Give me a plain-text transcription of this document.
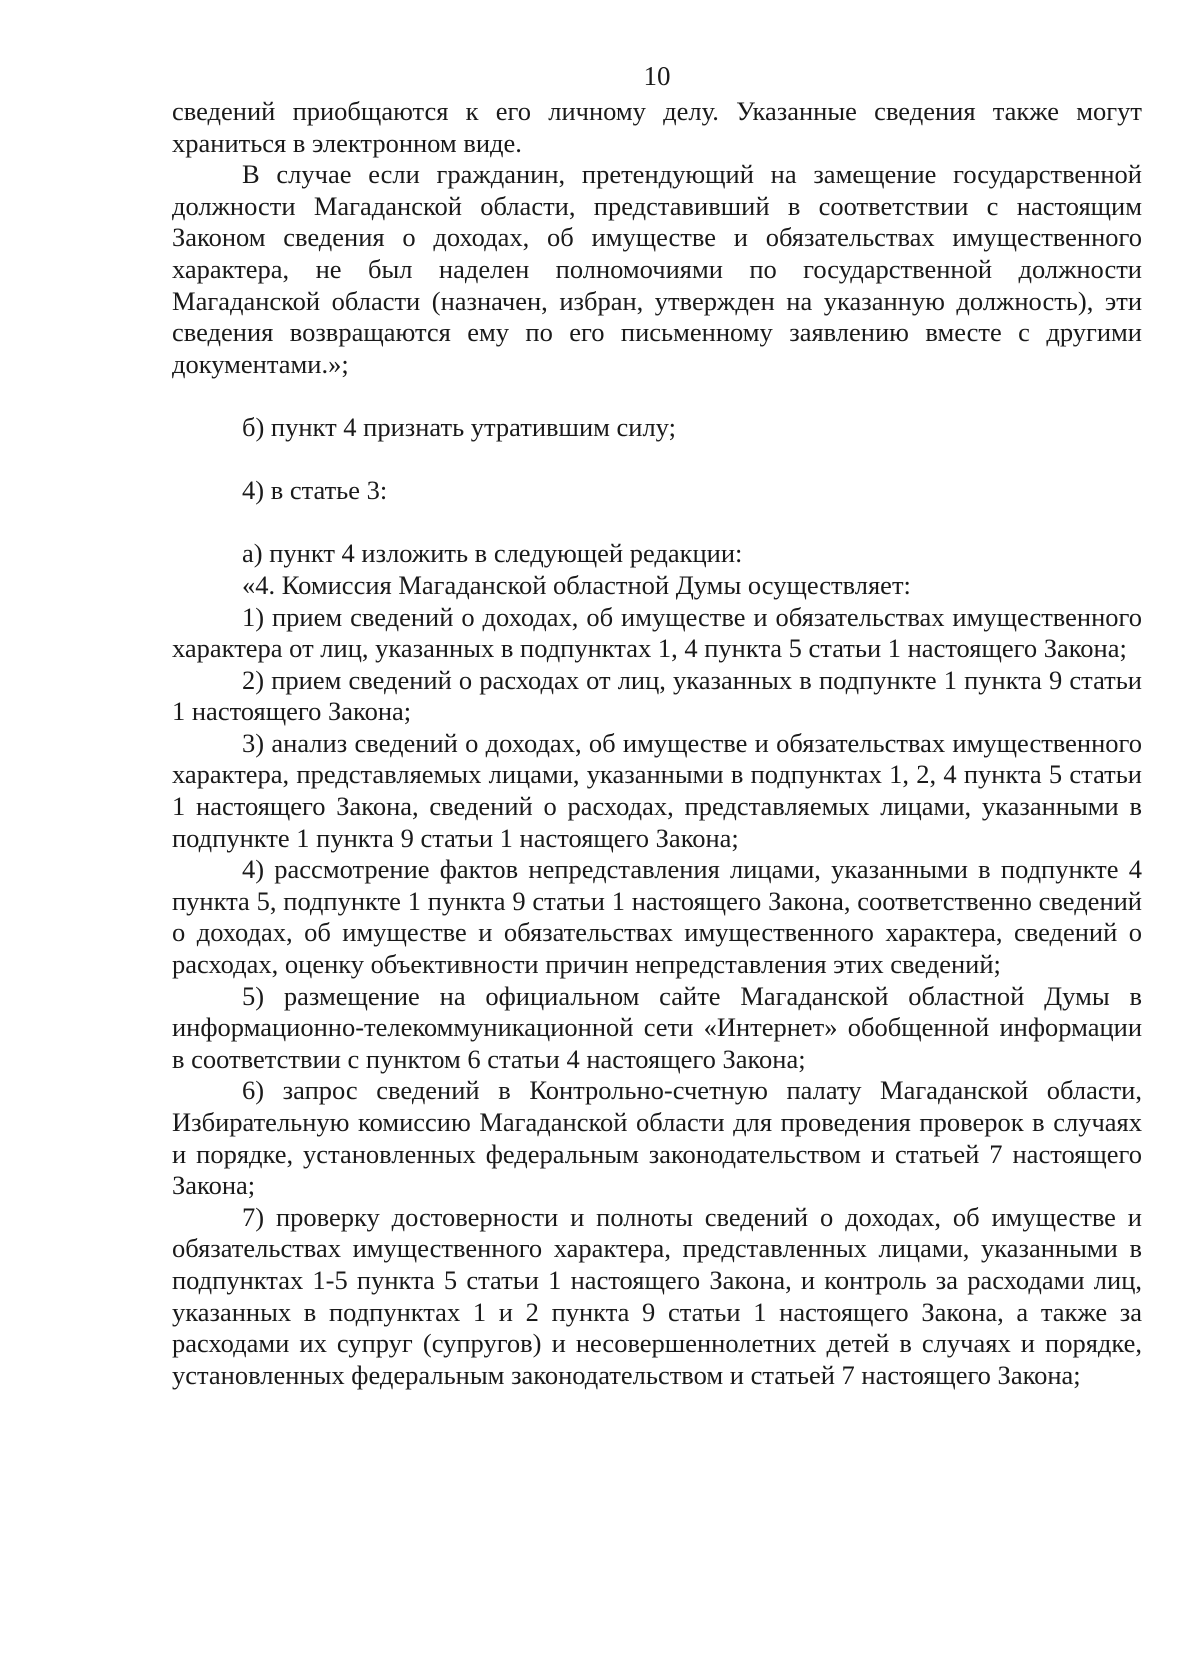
10

сведений приобщаются к его личному делу. Указанные сведения также могут храниться в электронном виде.

В случае если гражданин, претендующий на замещение государственной должности Магаданской области, представивший в соответствии с настоящим Законом сведения о доходах, об имуществе и обязательствах имущественного характера, не был наделен полномочиями по государственной должности Магаданской области (назначен, избран, утвержден на указанную должность), эти сведения возвращаются ему по его письменному заявлению вместе с другими документами.»;

б) пункт 4 признать утратившим силу;

4) в статье 3:

а) пункт 4 изложить в следующей редакции:

«4. Комиссия Магаданской областной Думы осуществляет:

1) прием сведений о доходах, об имуществе и обязательствах имущественного характера от лиц, указанных в подпунктах 1, 4 пункта 5 статьи 1 настоящего Закона;

2) прием сведений о расходах от лиц, указанных в подпункте 1 пункта 9 статьи 1 настоящего Закона;

3) анализ сведений о доходах, об имуществе и обязательствах имущественного характера, представляемых лицами, указанными в подпунктах 1, 2, 4 пункта 5 статьи 1 настоящего Закона, сведений о расходах, представляемых лицами, указанными в подпункте 1 пункта 9 статьи 1 настоящего Закона;

4) рассмотрение фактов непредставления лицами, указанными в подпункте 4 пункта 5, подпункте 1 пункта 9 статьи 1 настоящего Закона, соответственно сведений о доходах, об имуществе и обязательствах имущественного характера, сведений о расходах, оценку объективности причин непредставления этих сведений;

5) размещение на официальном сайте Магаданской областной Думы в информационно-телекоммуникационной сети «Интернет» обобщенной информации в соответствии с пунктом 6 статьи 4 настоящего Закона;

6) запрос сведений в Контрольно-счетную палату Магаданской области, Избирательную комиссию Магаданской области для проведения проверок в случаях и порядке, установленных федеральным законодательством и статьей 7 настоящего Закона;

7) проверку достоверности и полноты сведений о доходах, об имуществе и обязательствах имущественного характера, представленных лицами, указанными в подпунктах 1-5 пункта 5 статьи 1 настоящего Закона, и контроль за расходами лиц, указанных в подпунктах 1 и 2 пункта 9 статьи 1 настоящего Закона, а также за расходами их супруг (супругов) и несовершеннолетних детей в случаях и порядке, установленных федеральным законодательством и статьей 7 настоящего Закона;
